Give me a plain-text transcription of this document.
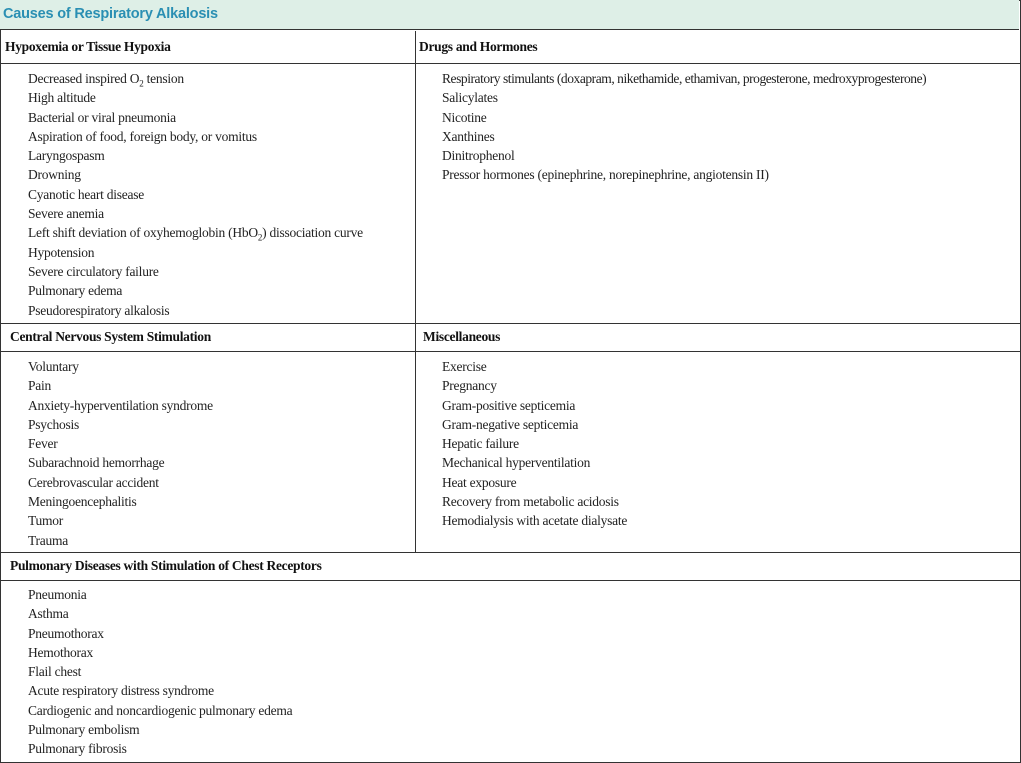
Causes of Respiratory Alkalosis
Hypoxemia or Tissue Hypoxia
Decreased inspired $O_2$ tension
High altitude
Bacterial or viral pneumonia
Aspiration of food, foreign body, or vomitus
Laryngospasm
Drowning
Cyanotic heart disease
Severe anemia
Left shift deviation of oxyhemoglobin (HbO$_2$) dissociation curve
Hypotension
Severe circulatory failure
Pulmonary edema
Pseudorespiratory alkalosis
Drugs and Hormones
Respiratory stimulants (doxapram, nikethamide, ethamivan, progesterone, medroxyprogesterone)
Salicylates
Nicotine
Xanthines
Dinitrophenol
Pressor hormones (epinephrine, norepinephrine, angiotensin II)
Central Nervous System Stimulation
Voluntary
Pain
Anxiety-hyperventilation syndrome
Psychosis
Fever
Subarachnoid hemorrhage
Cerebrovascular accident
Meningoencephalitis
Tumor
Trauma
Miscellaneous
Exercise
Pregnancy
Gram-positive septicemia
Gram-negative septicemia
Hepatic failure
Mechanical hyperventilation
Heat exposure
Recovery from metabolic acidosis
Hemodialysis with acetate dialysate
Pulmonary Diseases with Stimulation of Chest Receptors
Pneumonia
Asthma
Pneumothorax
Hemothorax
Flail chest
Acute respiratory distress syndrome
Cardiogenic and noncardiogenic pulmonary edema
Pulmonary embolism
Pulmonary fibrosis
